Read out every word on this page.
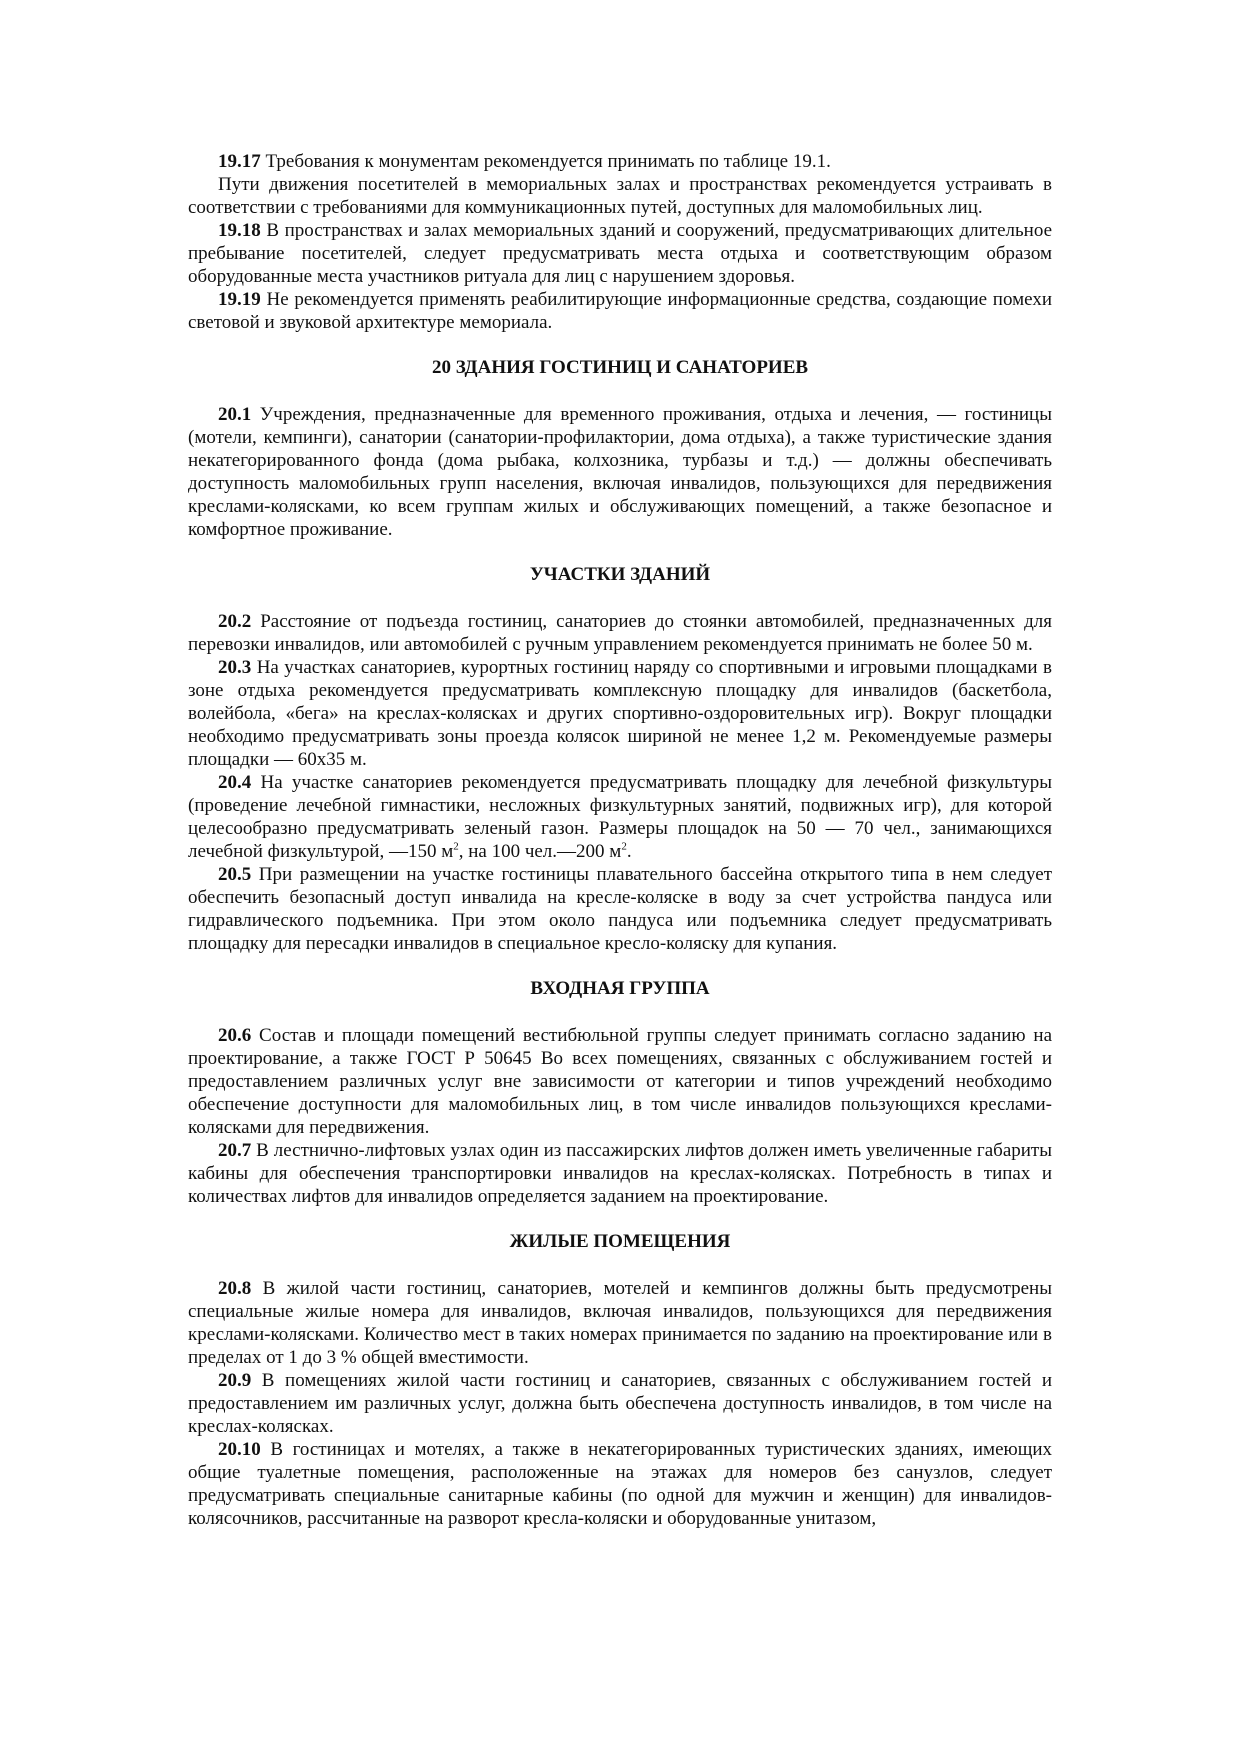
19.17 Требования к монументам рекомендуется принимать по таблице 19.1.

Пути движения посетителей в мемориальных залах и пространствах рекомендуется устраивать в соответствии с требованиями для коммуникационных путей, доступных для маломобильных лиц.

19.18 В пространствах и залах мемориальных зданий и сооружений, предусматривающих длительное пребывание посетителей, следует предусматривать места отдыха и соответствующим образом оборудованные места участников ритуала для лиц с нарушением здоровья.

19.19 Не рекомендуется применять реабилитирующие информационные средства, создающие помехи световой и звуковой архитектуре мемориала.

20 ЗДАНИЯ ГОСТИНИЦ И САНАТОРИЕВ

20.1 Учреждения, предназначенные для временного проживания, отдыха и лечения, — гостиницы (мотели, кемпинги), санатории (санатории-профилактории, дома отдыха), а также туристические здания некатегорированного фонда (дома рыбака, колхозника, турбазы и т.д.) — должны обеспечивать доступность маломобильных групп населения, включая инвалидов, пользующихся для передвижения креслами-колясками, ко всем группам жилых и обслуживающих помещений, а также безопасное и комфортное проживание.

УЧАСТКИ ЗДАНИЙ

20.2 Расстояние от подъезда гостиниц, санаториев до стоянки автомобилей, предназначенных для перевозки инвалидов, или автомобилей с ручным управлением рекомендуется принимать не более 50 м.

20.3 На участках санаториев, курортных гостиниц наряду со спортивными и игровыми площадками в зоне отдыха рекомендуется предусматривать комплексную площадку для инвалидов (баскетбола, волейбола, «бега» на креслах-колясках и других спортивно-оздоровительных игр). Вокруг площадки необходимо предусматривать зоны проезда колясок шириной не менее 1,2 м. Рекомендуемые размеры площадки — 60x35 м.

20.4 На участке санаториев рекомендуется предусматривать площадку для лечебной физкультуры (проведение лечебной гимнастики, несложных физкультурных занятий, подвижных игр), для которой целесообразно предусматривать зеленый газон. Размеры площадок на 50 — 70 чел., занимающихся лечебной физкультурой, —150 $м^2$, на 100 чел.—200 $м^2$.

20.5 При размещении на участке гостиницы плавательного бассейна открытого типа в нем следует обеспечить безопасный доступ инвалида на кресле-коляске в воду за счет устройства пандуса или гидравлического подъемника. При этом около пандуса или подъемника следует предусматривать площадку для пересадки инвалидов в специальное кресло-коляску для купания.

ВХОДНАЯ ГРУППА

20.6 Состав и площади помещений вестибюльной группы следует принимать согласно заданию на проектирование, а также ГОСТ Р 50645 Во всех помещениях, связанных с обслуживанием гостей и предоставлением различных услуг вне зависимости от категории и типов учреждений необходимо обеспечение доступности для маломобильных лиц, в том числе инвалидов пользующихся креслами-колясками для передвижения.

20.7 В лестнично-лифтовых узлах один из пассажирских лифтов должен иметь увеличенные габариты кабины для обеспечения транспортировки инвалидов на креслах-колясках. Потребность в типах и количествах лифтов для инвалидов определяется заданием на проектирование.

ЖИЛЫЕ ПОМЕЩЕНИЯ

20.8 В жилой части гостиниц, санаториев, мотелей и кемпингов должны быть предусмотрены специальные жилые номера для инвалидов, включая инвалидов, пользующихся для передвижения креслами-колясками. Количество мест в таких номерах принимается по заданию на проектирование или в пределах от 1 до 3 % общей вместимости.

20.9 В помещениях жилой части гостиниц и санаториев, связанных с обслуживанием гостей и предоставлением им различных услуг, должна быть обеспечена доступность инвалидов, в том числе на креслах-колясках.

20.10 В гостиницах и мотелях, а также в некатегорированных туристических зданиях, имеющих общие туалетные помещения, расположенные на этажах для номеров без санузлов, следует предусматривать специальные санитарные кабины (по одной для мужчин и женщин) для инвалидов-колясочников, рассчитанные на разворот кресла-коляски и оборудованные унитазом,
